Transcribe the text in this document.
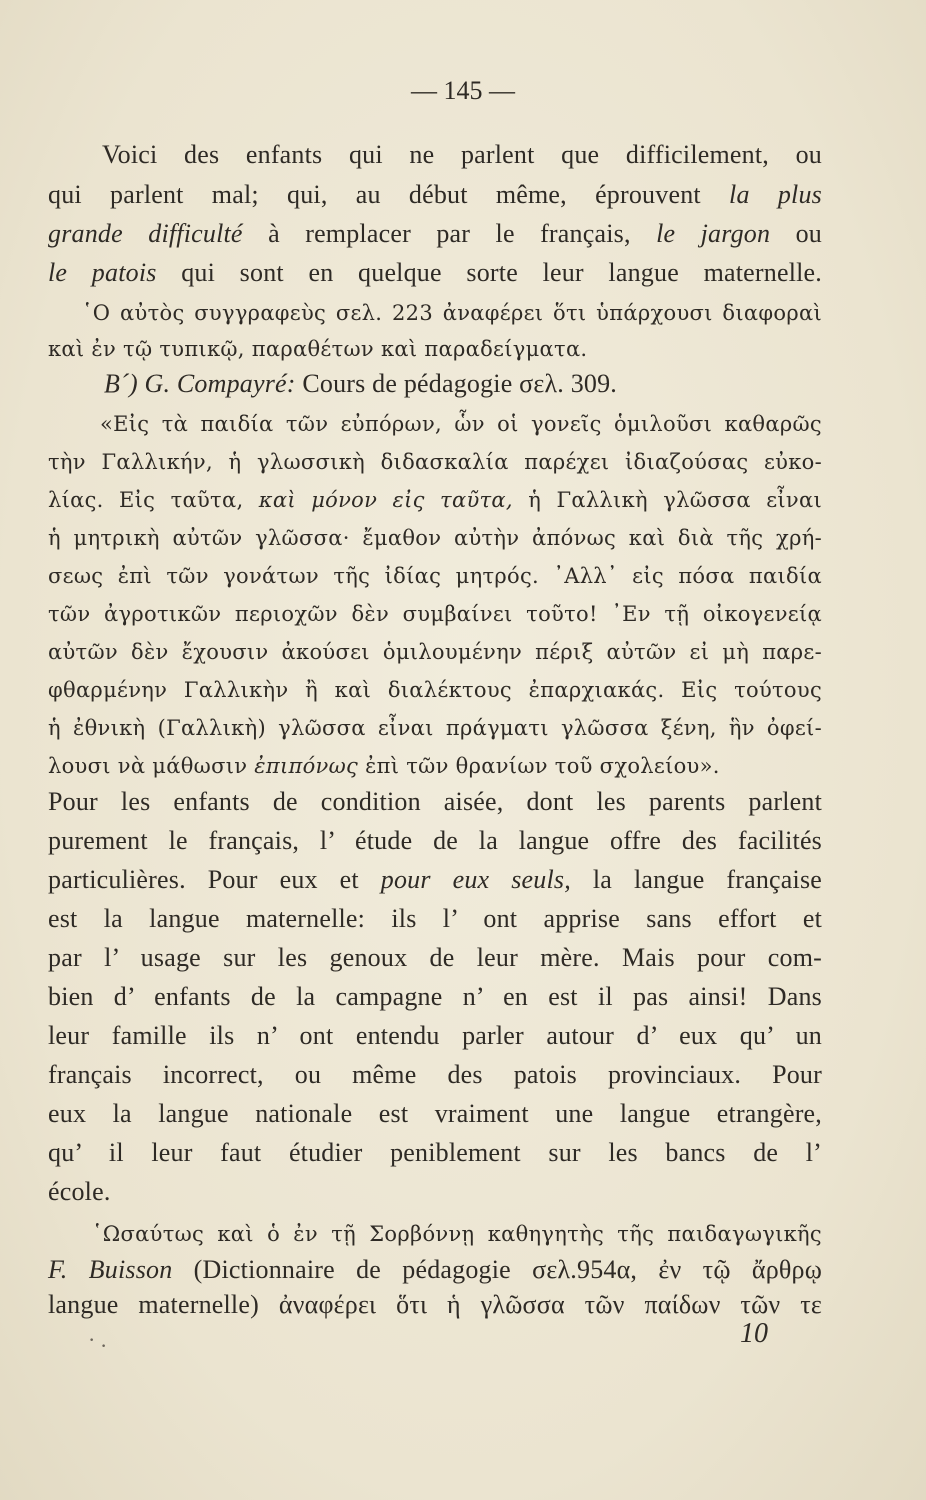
— 145 —
Voici des enfants qui ne parlent que difficilement, ou
qui parlent mal; qui, au début même, éprouvent la plus
grande difficulté à remplacer par le français, le jargon ou
le patois qui sont en quelque sorte leur langue maternelle.
῾Ο αὐτὸς συγγραφεὺς σελ. 223 ἀναφέρει ὅτι ὑπάρχουσι διαφοραὶ
καὶ ἐν τῷ τυπικῷ, παραθέτων καὶ παραδείγματα.
Β´) G. Compayré: Cours de pédagogie σελ. 309.
«Εἰς τὰ παιδία τῶν εὐπόρων, ὧν οἱ γονεῖς ὁμιλοῦσι καθαρῶς
τὴν Γαλλικήν, ἡ γλωσσικὴ διδασκαλία παρέχει ἰδιαζούσας εὐκο-
λίας. Εἰς ταῦτα, καὶ μόνον εἰς ταῦτα, ἡ Γαλλικὴ γλῶσσα εἶναι
ἡ μητρικὴ αὐτῶν γλῶσσα· ἔμαθον αὐτὴν ἀπόνως καὶ διὰ τῆς χρή-
σεως ἐπὶ τῶν γονάτων τῆς ἰδίας μητρός. ᾿Αλλ᾿ εἰς πόσα παιδία
τῶν ἀγροτικῶν περιοχῶν δὲν συμβαίνει τοῦτο! ᾿Εν τῇ οἰκογενείᾳ
αὐτῶν δὲν ἔχουσιν ἀκούσει ὁμιλουμένην πέριξ αὐτῶν εἰ μὴ παρε-
φθαρμένην Γαλλικὴν ἢ καὶ διαλέκτους ἐπαρχιακάς. Εἰς τούτους
ἡ ἐθνικὴ (Γαλλικὴ) γλῶσσα εἶναι πράγματι γλῶσσα ξένη, ἣν ὀφεί-
λουσι νὰ μάθωσιν ἐπιπόνως ἐπὶ τῶν θρανίων τοῦ σχολείου».
Pour les enfants de condition aisée, dont les parents parlent
purement le français, l’ étude de la langue offre des facilités
particulières. Pour eux et pour eux seuls, la langue française
est la langue maternelle: ils l’ ont apprise sans effort et
par l’ usage sur les genoux de leur mère. Mais pour com-
bien d’ enfants de la campagne n’ en est il pas ainsi! Dans
leur famille ils n’ ont entendu parler autour d’ eux qu’ un
français incorrect, ou même des patois provinciaux. Pour
eux la langue nationale est vraiment une langue etrangère,
qu’ il leur faut étudier peniblement sur les bancs de l’
école.
῾Ωσαύτως καὶ ὁ ἐν τῇ Σορβόννῃ καθηγητὴς τῆς παιδαγωγικῆς
F. Buisson (Dictionnaire de pédagogie σελ.954α, ἐν τῷ ἄρθρῳ
langue maternelle) ἀναφέρει ὅτι ἡ γλῶσσα τῶν παίδων τῶν τε
· .	10
